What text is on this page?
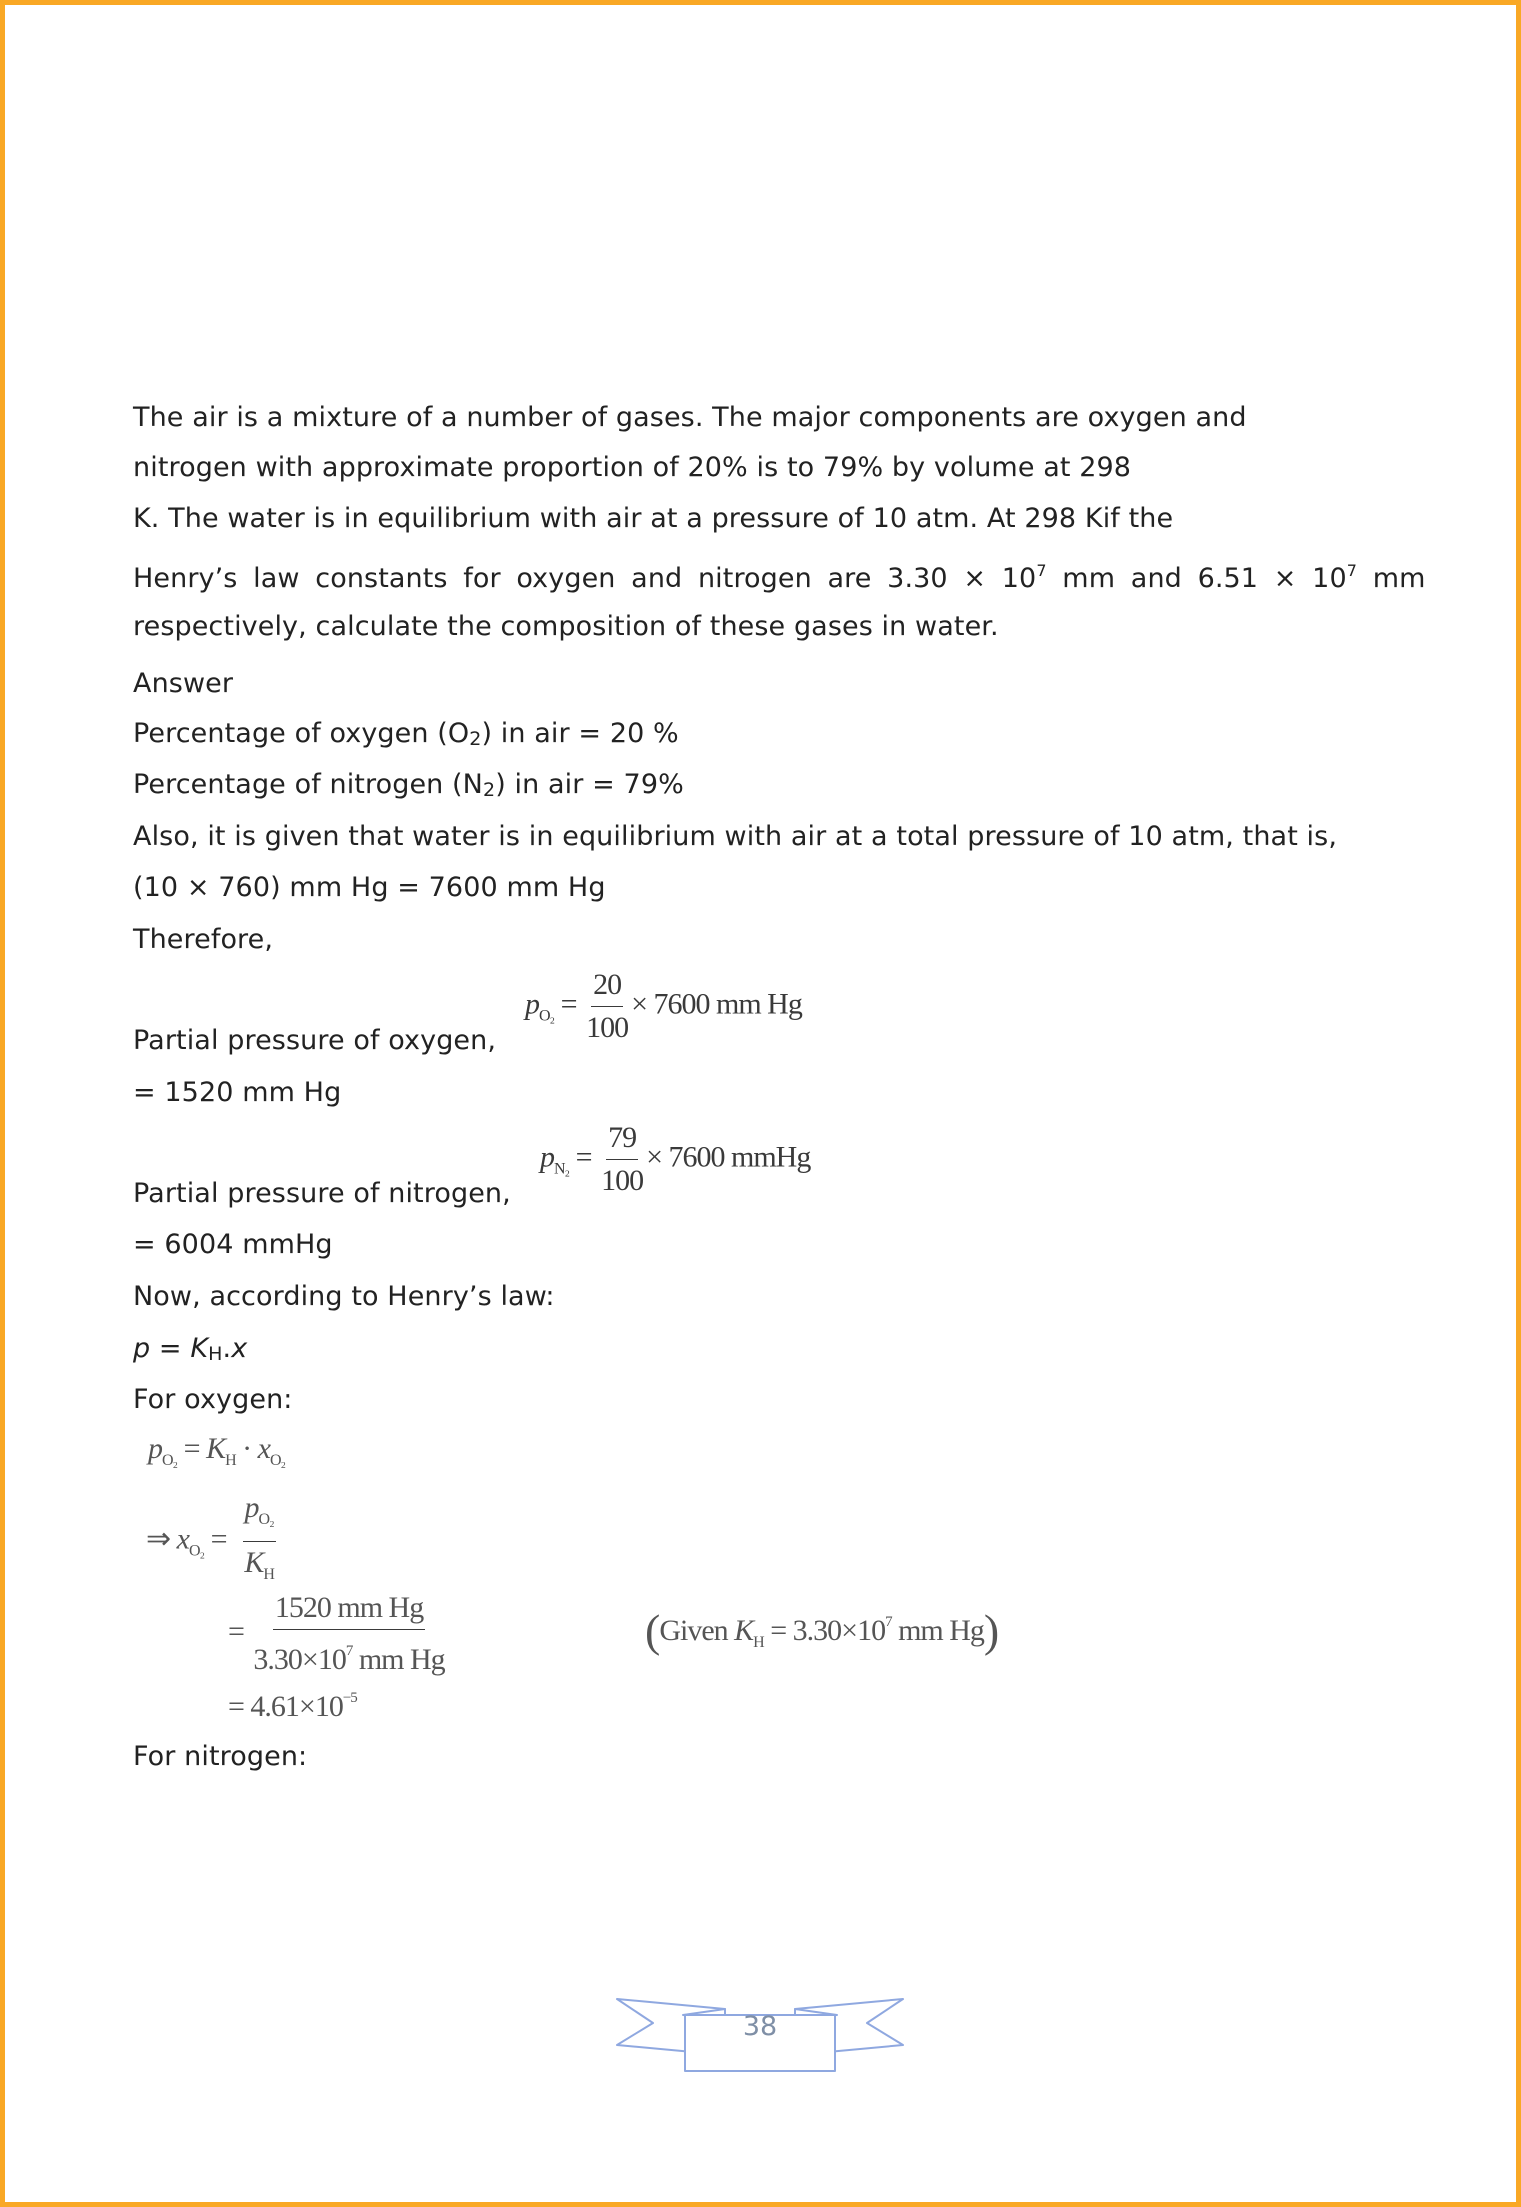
The air is a mixture of a number of gases. The major components are oxygen and
nitrogen with approximate proportion of 20% is to 79% by volume at 298
K. The water is in equilibrium with air at a pressure of 10 atm. At 298 Kif the
Henry’s law constants for oxygen and nitrogen are $3.30 \times 10^7$ mm and $6.51 \times 10^7$ mm
respectively, calculate the composition of these gases in water.
Answer
Percentage of oxygen (O2) in air = 20 %
Percentage of nitrogen (N2) in air = 79%
Also, it is given that water is in equilibrium with air at a total pressure of 10 atm, that is,
(10 × 760) mm Hg = 7600 mm Hg
Therefore,
Partial pressure of oxygen,
$p_{O_2} = \frac{20}{100} \times 7600$ mm Hg
= 1520 mm Hg
Partial pressure of nitrogen,
$p_{N_2} = \frac{79}{100} \times 7600$ mmHg
= 6004 mmHg
Now, according to Henry’s law:
p = KH.x
For oxygen:
$p_{O_2} = K_H \cdot x_{O_2}$
⇒ $x_{O_2} = \frac{p_{O_2}}{K_H}$
= $\frac{\text{1520 mm Hg}}{3.30\times 10^7 mm Hg}$	(Given $K_H = 3.30\times 10^7$ mm Hg)
= $4.61\times 10^{-5}$
For nitrogen:
38
